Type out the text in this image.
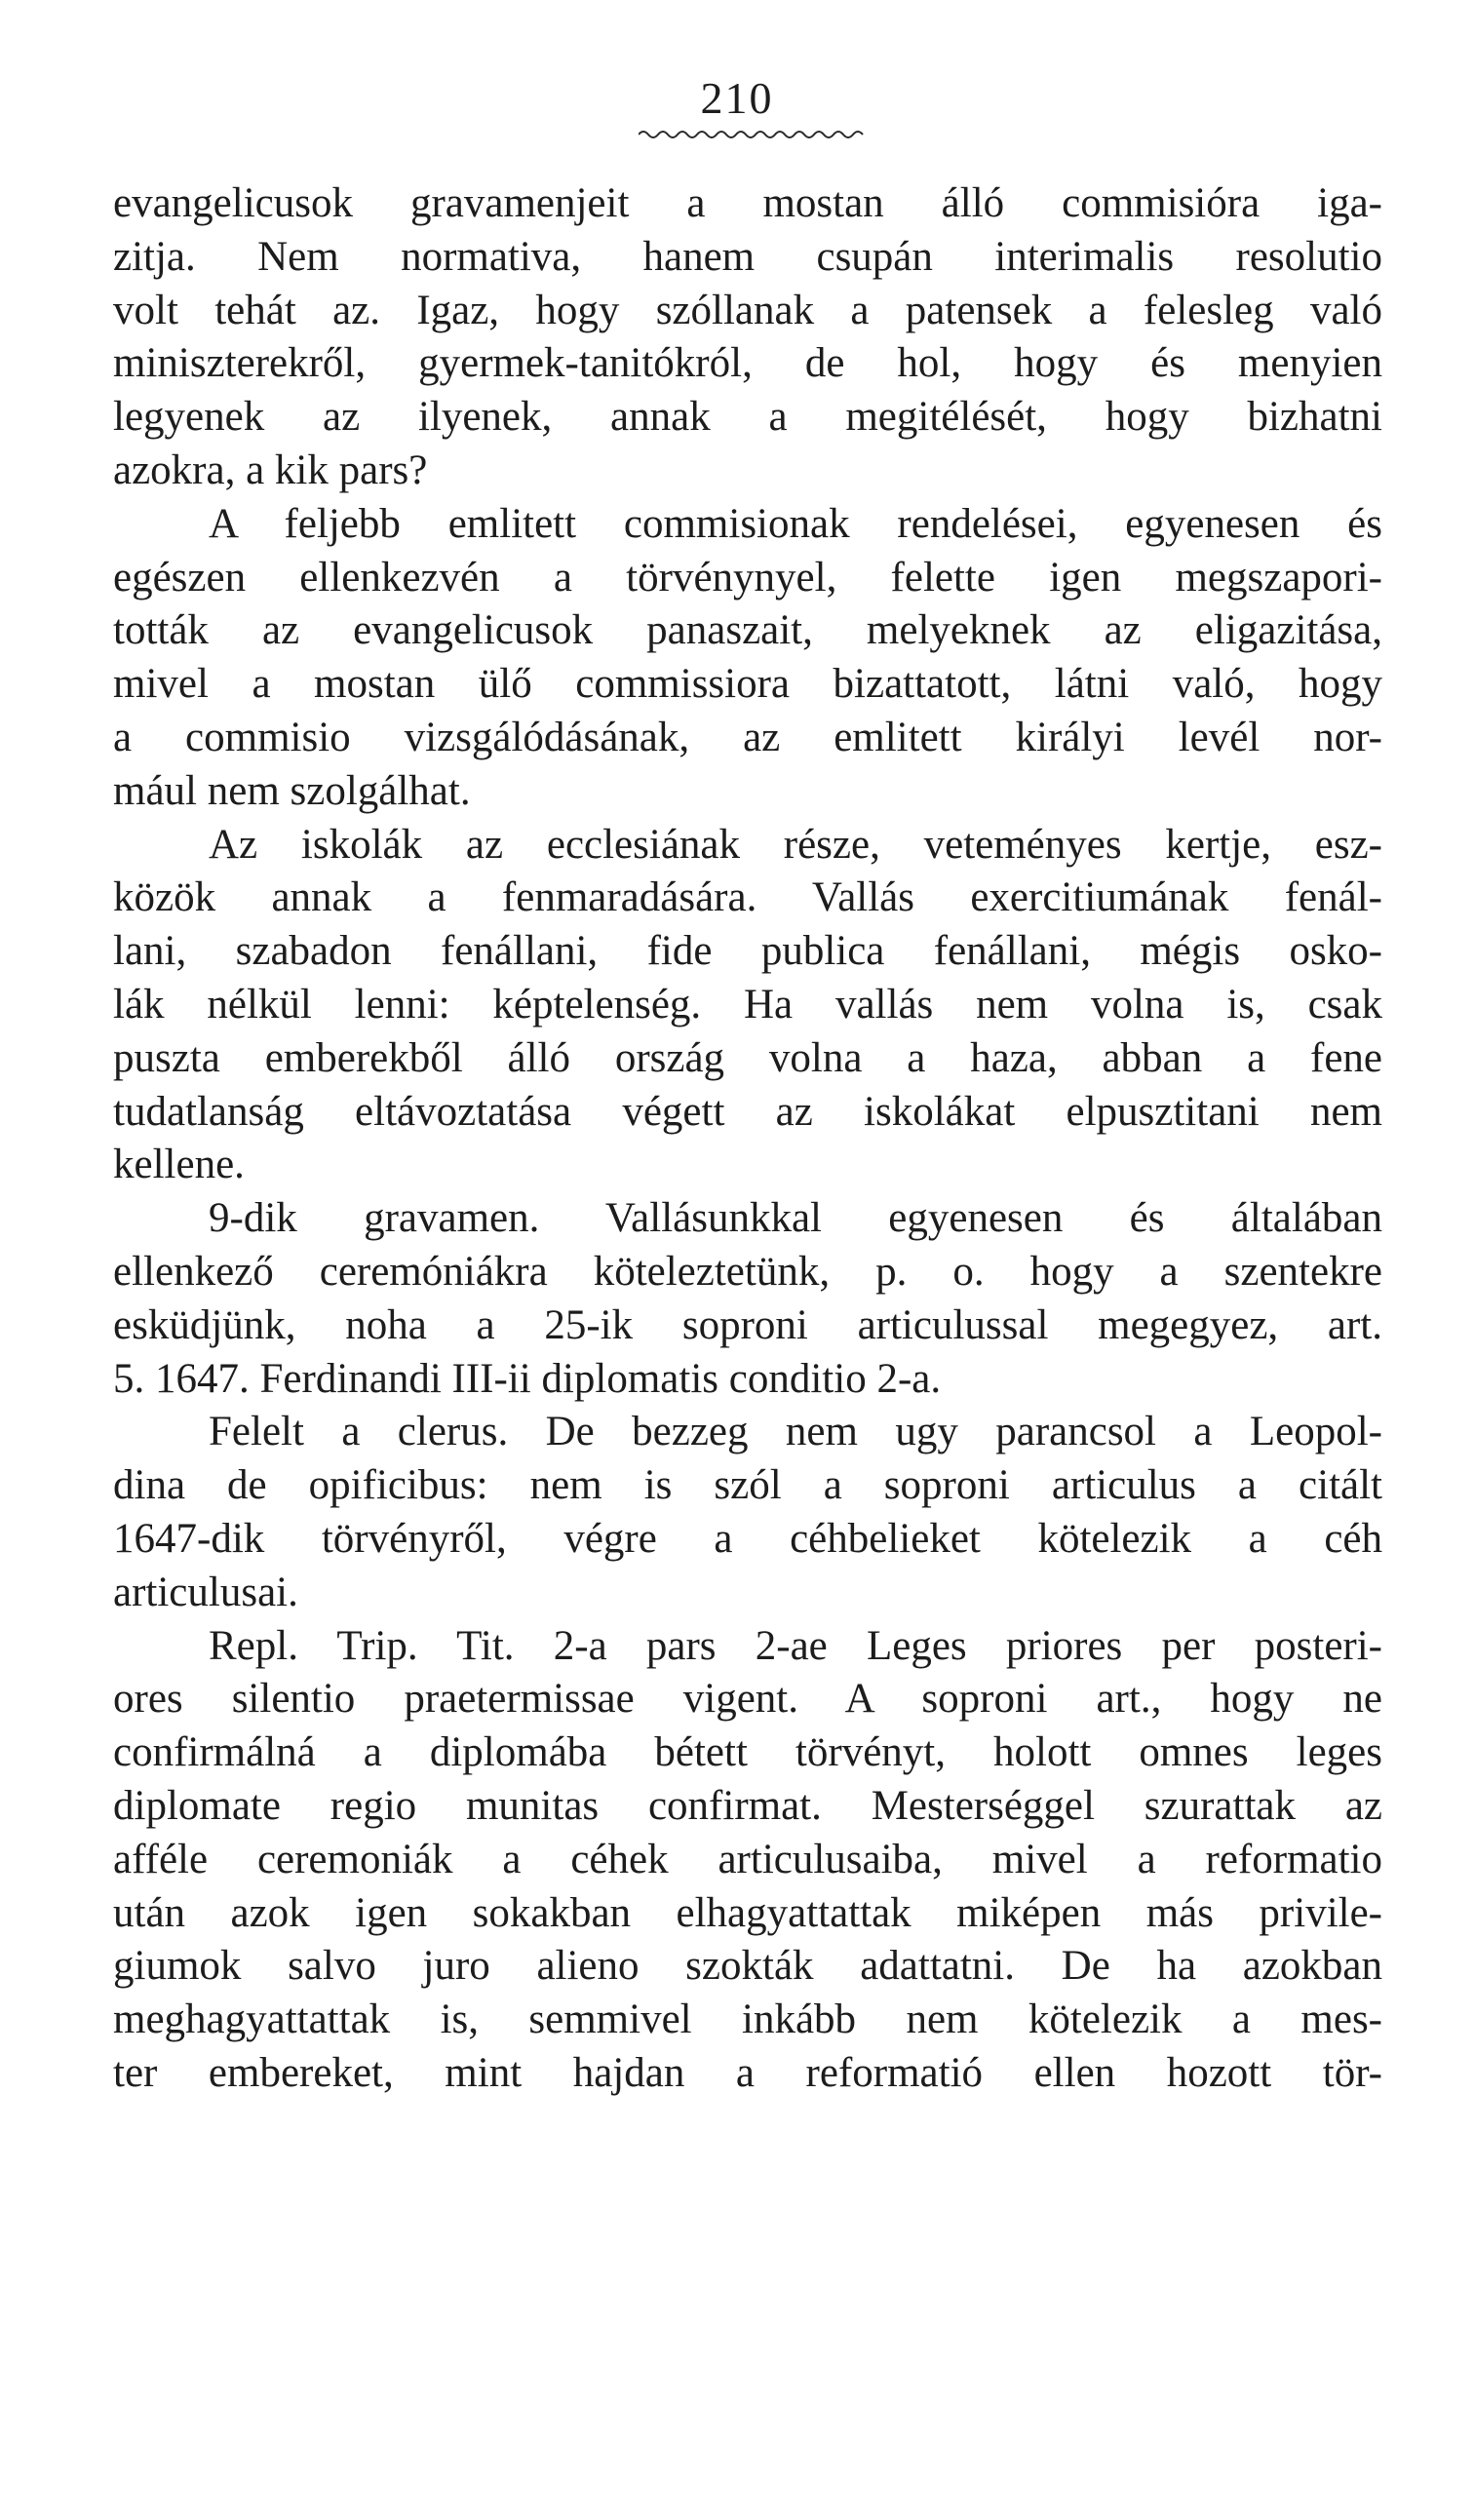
210
evangelicusok gravamenjeit a mostan álló commisióra iga-
zitja. Nem normativa, hanem csupán interimalis resolutio
volt tehát az. Igaz, hogy szóllanak a patensek a felesleg való
miniszterekről, gyermek-tanitókról, de hol, hogy és menyien
legyenek az ilyenek, annak a megitélését, hogy bizhatni
azokra, a kik pars?
A feljebb emlitett commisionak rendelései, egyenesen és
egészen ellenkezvén a törvénynyel, felette igen megszapori-
tották az evangelicusok panaszait, melyeknek az eligazitása,
mivel a mostan ülő commissiora bizattatott, látni való, hogy
a commisio vizsgálódásának, az emlitett királyi levél nor-
mául nem szolgálhat.
Az iskolák az ecclesiának része, veteményes kertje, esz-
közök annak a fenmaradására. Vallás exercitiumának fenál-
lani, szabadon fenállani, fide publica fenállani, mégis osko-
lák nélkül lenni: képtelenség. Ha vallás nem volna is, csak
puszta emberekből álló ország volna a haza, abban a fene
tudatlanság eltávoztatása végett az iskolákat elpusztitani nem
kellene.
9-dik gravamen. Vallásunkkal egyenesen és általában
ellenkező ceremóniákra köteleztetünk, p. o. hogy a szentekre
esküdjünk, noha a 25-ik soproni articulussal megegyez, art.
5. 1647. Ferdinandi III-ii diplomatis conditio 2-a.
Felelt a clerus. De bezzeg nem ugy parancsol a Leopol-
dina de opificibus: nem is szól a soproni articulus a citált
1647-dik törvényről, végre a céhbelieket kötelezik a céh
articulusai.
Repl. Trip. Tit. 2-a pars 2-ae Leges priores per posteri-
ores silentio praetermissae vigent. A soproni art., hogy ne
confirmálná a diplomába bétett törvényt, holott omnes leges
diplomate regio munitas confirmat. Mesterséggel szurattak az
afféle ceremoniák a céhek articulusaiba, mivel a reformatio
után azok igen sokakban elhagyattattak miképen más privile-
giumok salvo juro alieno szokták adattatni. De ha azokban
meghagyattattak is, semmivel inkább nem kötelezik a mes-
ter embereket, mint hajdan a reformatió ellen hozott tör-
